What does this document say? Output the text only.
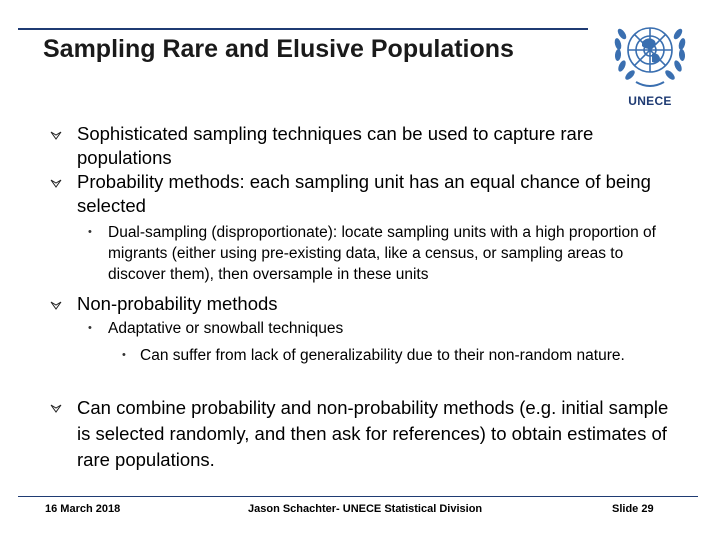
Sampling Rare and Elusive Populations
UNECE
Sophisticated sampling techniques can be used to capture rare populations
Probability methods: each sampling unit has an equal chance of being selected
• Dual-sampling (disproportionate): locate sampling units with a high proportion of migrants (either using pre-existing data, like a census, or sampling areas to discover them), then oversample in these units
Non-probability methods
• Adaptative or snowball techniques
• Can suffer from lack of generalizability due to their non-random nature.
Can combine probability and non-probability methods (e.g. initial sample is selected randomly, and then ask for references) to obtain estimates of rare populations.
16 March 2018	Jason Schachter- UNECE Statistical Division	Slide 29
